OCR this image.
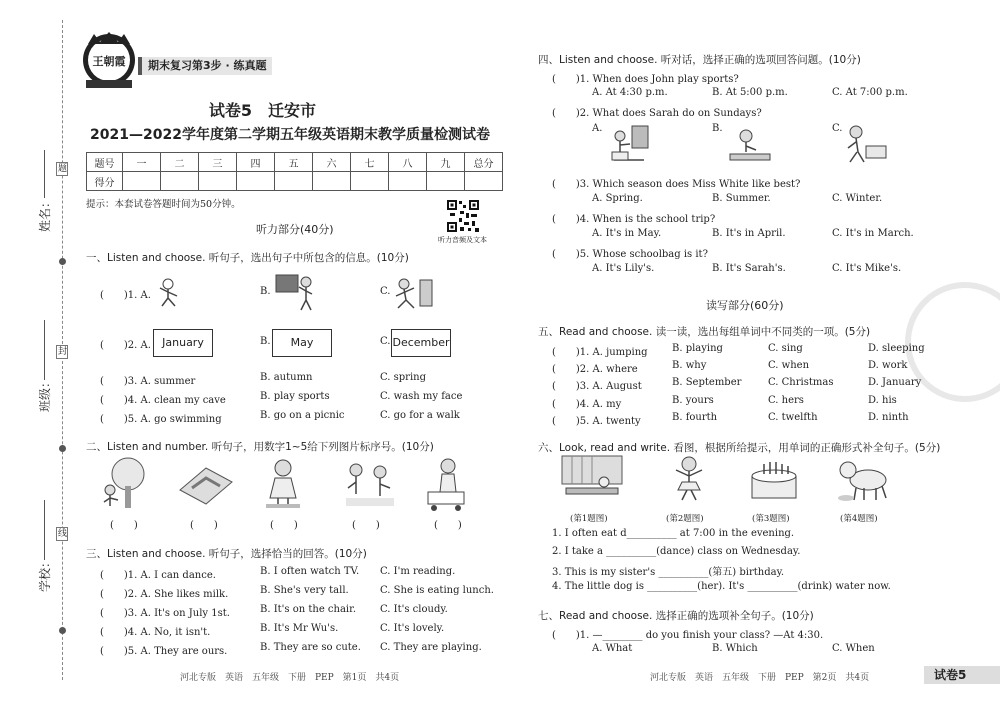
题
封
线
姓名：
班级：
学校：
王朝霞	期末复习第3步 · 练真题
试卷5　迁安市
2021—2022学年度第二学期五年级英语期末教学质量检测试卷
题号	一	二	三	四	五	六	七	八	九	总分
得分										
提示：本套试卷答题时间为50分钟。
听力音频及文本
听力部分(40分)
一、Listen and choose. 听句子，选出句子中所包含的信息。(10分)
(　　)1. A.	B.	C.
(　　)2. A.	January	B.	May	C. December
(　　)3. A. summer	B. autumn	C. spring
(　　)4. A. clean my cave	B. play sports	C. wash my face
(　　)5. A. go swimming	B. go on a picnic	C. go for a walk
二、Listen and number. 听句子，用数字1~5给下列图片标序号。(10分)
(　　)	(　　)	(　　)	(　　)	(　　)
三、Listen and choose. 听句子，选择恰当的回答。(10分)
(　　)1. A. I can dance.	B. I often watch TV. C. I'm reading.
(　　)2. A. She likes milk.	B. She's very tall.	C. She is eating lunch.
(　　)3. A. It's on July 1st.	B. It's on the chair. C. It's cloudy.
(　　)4. A. No, it isn't.	B. It's Mr Wu's.	C. It's lovely.
(　　)5. A. They are ours.	B. They are so cute. C. They are playing.
河北专版　英语　五年级　下册　PEP　第1页　共4页
四、Listen and choose. 听对话，选择正确的选项回答问题。(10分)
(　　)1. When does John play sports?
A. At 4:30 p.m.	B. At 5:00 p.m.	C. At 7:00 p.m.
(　　)2. What does Sarah do on Sundays?
A.	B.	C.
(　　)3. Which season does Miss White like best?
A. Spring.	B. Summer.	C. Winter.
(　　)4. When is the school trip?
A. It's in May.	B. It's in April.	C. It's in March.
(　　)5. Whose schoolbag is it?
A. It's Lily's.	B. It's Sarah's.	C. It's Mike's.
读写部分(60分)
五、Read and choose. 读一读，选出每组单词中不同类的一项。(5分)
(　　)1. A. jumping B. playing	C. sing	D. sleeping
(　　)2. A. where	B. why	C. when	D. work
(　　)3. A. August	B. September	C. Christmas	D. January
(　　)4. A. my	B. yours	C. hers	D. his
(　　)5. A. twenty	B. fourth	C. twelfth	D. ninth
六、Look, read and write. 看图，根据所给提示，用单词的正确形式补全句子。(5分)
(第1题图)	(第2题图)	(第3题图)	(第4题图)
1. I often eat d__________ at 7:00 in the evening.
2. I take a __________(dance) class on Wednesday.
3. This is my sister's __________(第五) birthday.
4. The little dog is __________(her). It's __________(drink) water now.
七、Read and choose. 选择正确的选项补全句子。(10分)
(　　)1. —________ do you finish your class? —At 4:30.
A. What	B. Which	C. When
河北专版　英语　五年级　下册　PEP　第2页　共4页	试卷5
